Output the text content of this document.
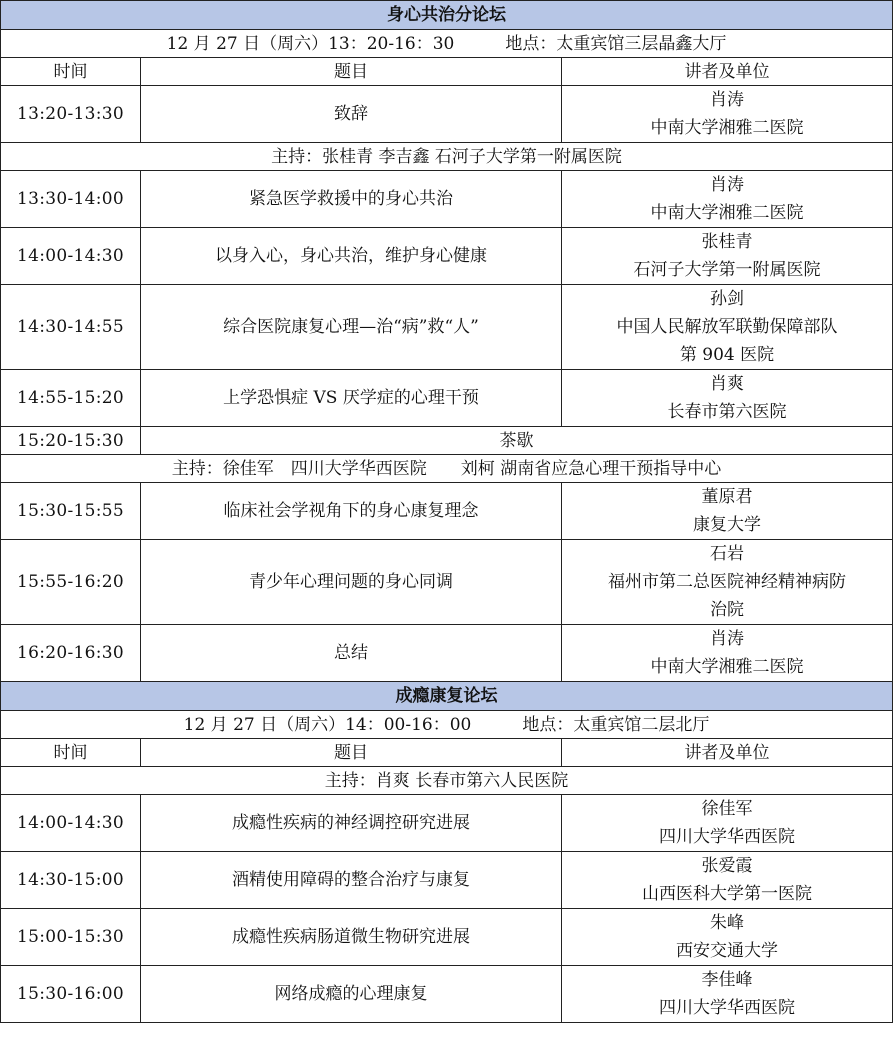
身心共治分论坛		
12 月 27 日（周六）13：20-16：30　　　地点：太重宾馆三层晶鑫大厅		
时间	题目	讲者及单位
13:20-13:30	致辞	肖涛
中南大学湘雅二医院

主持：张桂青 李吉鑫 石河子大学第一附属医院		
13:30-14:00	紧急医学救援中的身心共治	肖涛
中南大学湘雅二医院

14:00-14:30	以身入心，身心共治，维护身心健康	张桂青
石河子大学第一附属医院

14:30-14:55	综合医院康复心理—治“病”救“人”	孙剑
中国人民解放军联勤保障部队
第 904 医院

14:55-15:20	上学恐惧症 VS 厌学症的心理干预	肖爽
长春市第六医院

15:20-15:30	茶歇	
主持：徐佳军　四川大学华西医院　　刘柯 湖南省应急心理干预指导中心		
15:30-15:55	临床社会学视角下的身心康复理念	董原君
康复大学

15:55-16:20	青少年心理问题的身心同调	石岩
福州市第二总医院神经精神病防
治院

16:20-16:30	总结	肖涛
中南大学湘雅二医院

成瘾康复论坛		
12 月 27 日（周六）14：00-16：00　　　地点：太重宾馆二层北厅		
时间	题目	讲者及单位
主持：肖爽 长春市第六人民医院		
14:00-14:30	成瘾性疾病的神经调控研究进展	徐佳军
四川大学华西医院

14:30-15:00	酒精使用障碍的整合治疗与康复	张爱霞
山西医科大学第一医院

15:00-15:30	成瘾性疾病肠道微生物研究进展	朱峰
西安交通大学

15:30-16:00	网络成瘾的心理康复	李佳峰
四川大学华西医院
